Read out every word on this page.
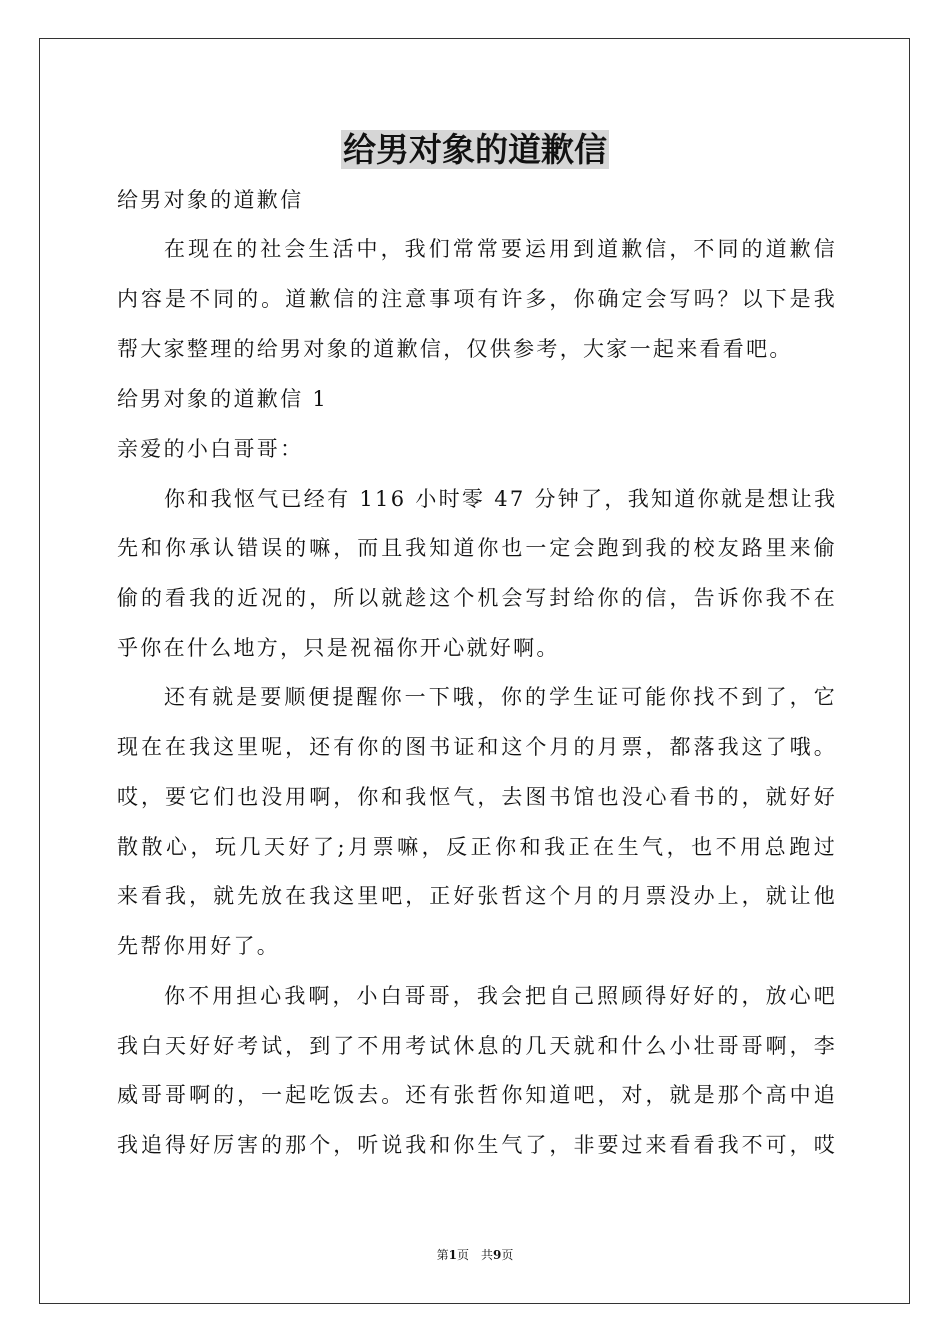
给男对象的道歉信
给男对象的道歉信
在现在的社会生活中，我们常常要运用到道歉信，不同的道歉信
内容是不同的。道歉信的注意事项有许多，你确定会写吗？以下是我
帮大家整理的给男对象的道歉信，仅供参考，大家一起来看看吧。
给男对象的道歉信 1
亲爱的小白哥哥：
你和我怄气已经有 116 小时零 47 分钟了，我知道你就是想让我
先和你承认错误的嘛，而且我知道你也一定会跑到我的校友路里来偷
偷的看我的近况的，所以就趁这个机会写封给你的信，告诉你我不在
乎你在什么地方，只是祝福你开心就好啊。
还有就是要顺便提醒你一下哦，你的学生证可能你找不到了，它
现在在我这里呢，还有你的图书证和这个月的月票，都落我这了哦。
哎，要它们也没用啊，你和我怄气，去图书馆也没心看书的，就好好
散散心，玩几天好了;月票嘛，反正你和我正在生气，也不用总跑过
来看我，就先放在我这里吧，正好张哲这个月的月票没办上，就让他
先帮你用好了。
你不用担心我啊，小白哥哥，我会把自己照顾得好好的，放心吧
我白天好好考试，到了不用考试休息的几天就和什么小壮哥哥啊，李
威哥哥啊的，一起吃饭去。还有张哲你知道吧，对，就是那个高中追
我追得好厉害的那个，听说我和你生气了，非要过来看看我不可，哎
第1页　共9页
